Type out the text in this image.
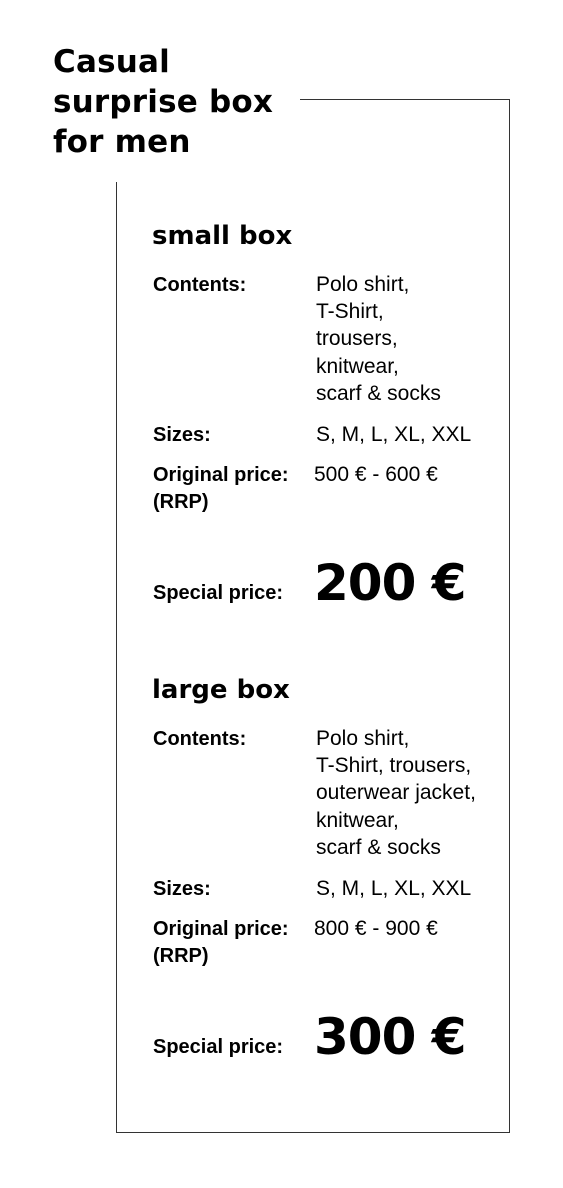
Casual
surprise box
for men
small box
Contents:	Polo shirt,
T-Shirt,
trousers,
knitwear,
scarf & socks
Sizes:	S, M, L, XL, XXL
Original price:
(RRP)
500 € - 600 €
Special price: 200 €
large box
Contents:	Polo shirt,
T-Shirt, trousers,
outerwear jacket,
knitwear,
scarf & socks
Sizes:	S, M, L, XL, XXL
Original price:
(RRP)
800 € - 900 €
Special price: 300 €
